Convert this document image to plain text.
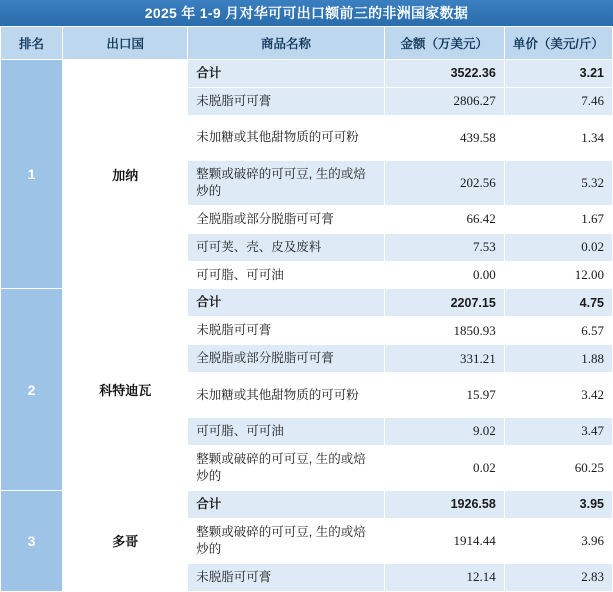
2025 年 1-9 月对华可可出口额前三的非洲国家数据
排名	出口国	商品名称	金额（万美元）	单价（美元/斤）
1	加纳	合计	3522.36	3.21
		未脱脂可可膏	2806.27	7.46
		未加糖或其他甜物质的可可粉	439.58	1.34
		整颗或破碎的可可豆, 生的或焙炒的	202.56	5.32
		全脱脂或部分脱脂可可膏	66.42	1.67
		可可荚、壳、皮及废料	7.53	0.02
		可可脂、可可油	0.00	12.00
2	科特迪瓦	合计	2207.15	4.75
		未脱脂可可膏	1850.93	6.57
		全脱脂或部分脱脂可可膏	331.21	1.88
		未加糖或其他甜物质的可可粉	15.97	3.42
		可可脂、可可油	9.02	3.47
		整颗或破碎的可可豆, 生的或焙炒的	0.02	60.25
3	多哥	合计	1926.58	3.95
		整颗或破碎的可可豆, 生的或焙炒的	1914.44	3.96
		未脱脂可可膏	12.14	2.83
